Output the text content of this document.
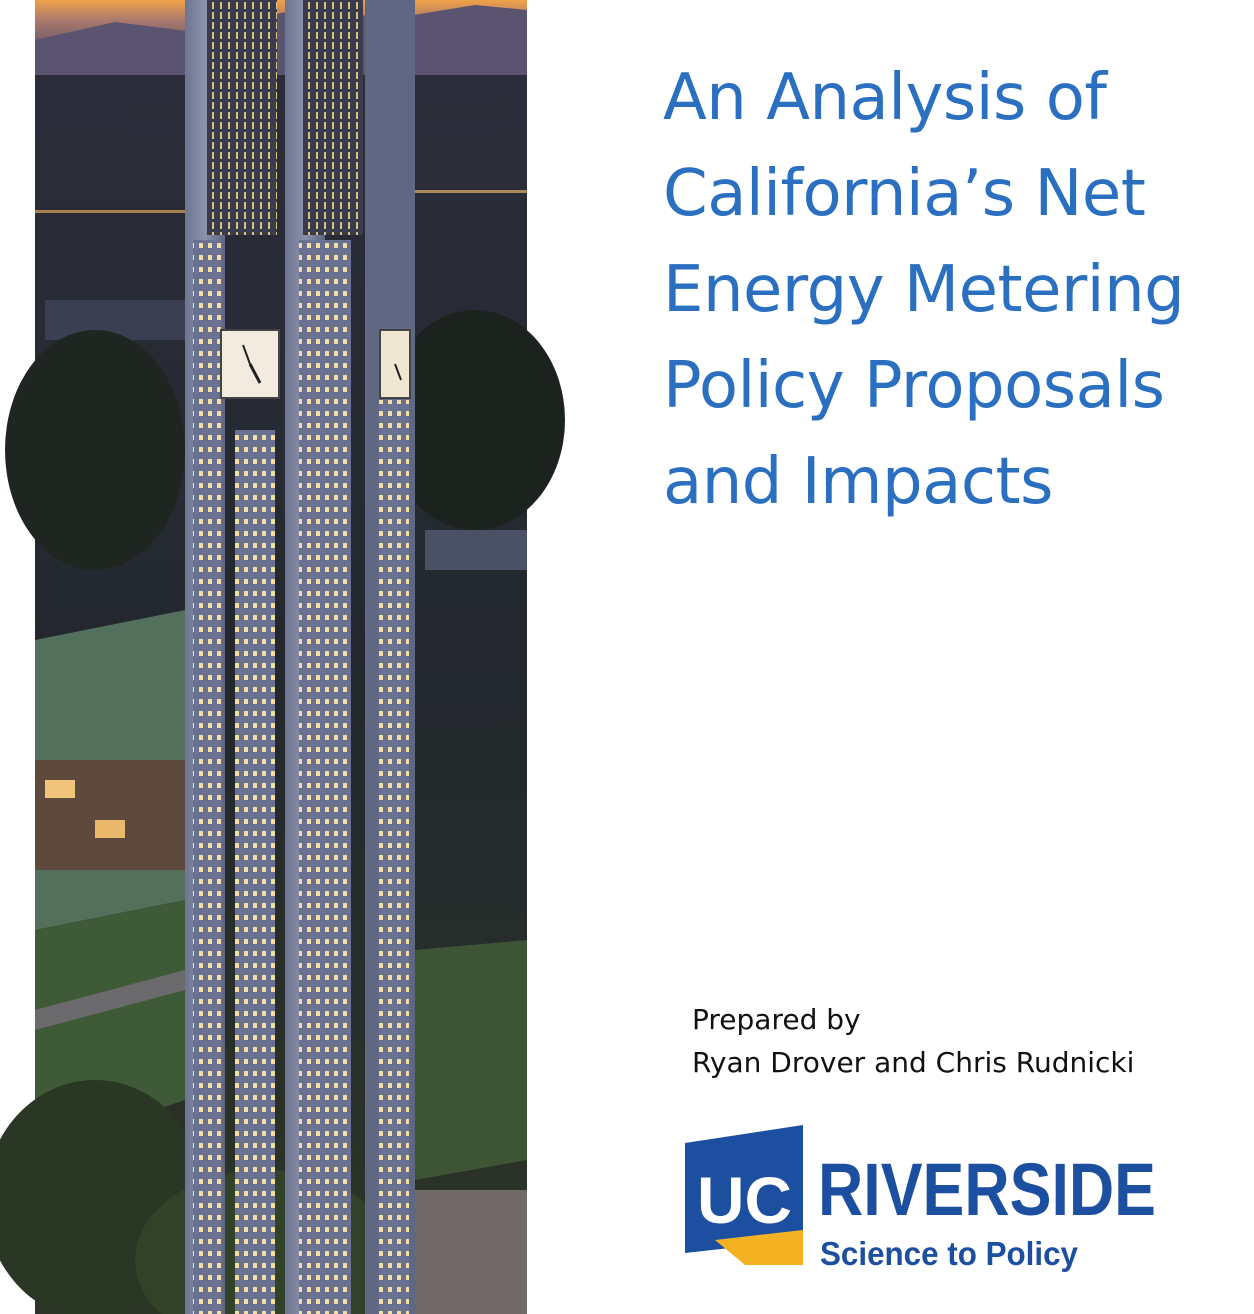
An Analysis of
California’s Net
Energy Metering
Policy Proposals
and Impacts
Prepared by
Ryan Drover and Chris Rudnicki
UC RIVERSIDE
Science to Policy
